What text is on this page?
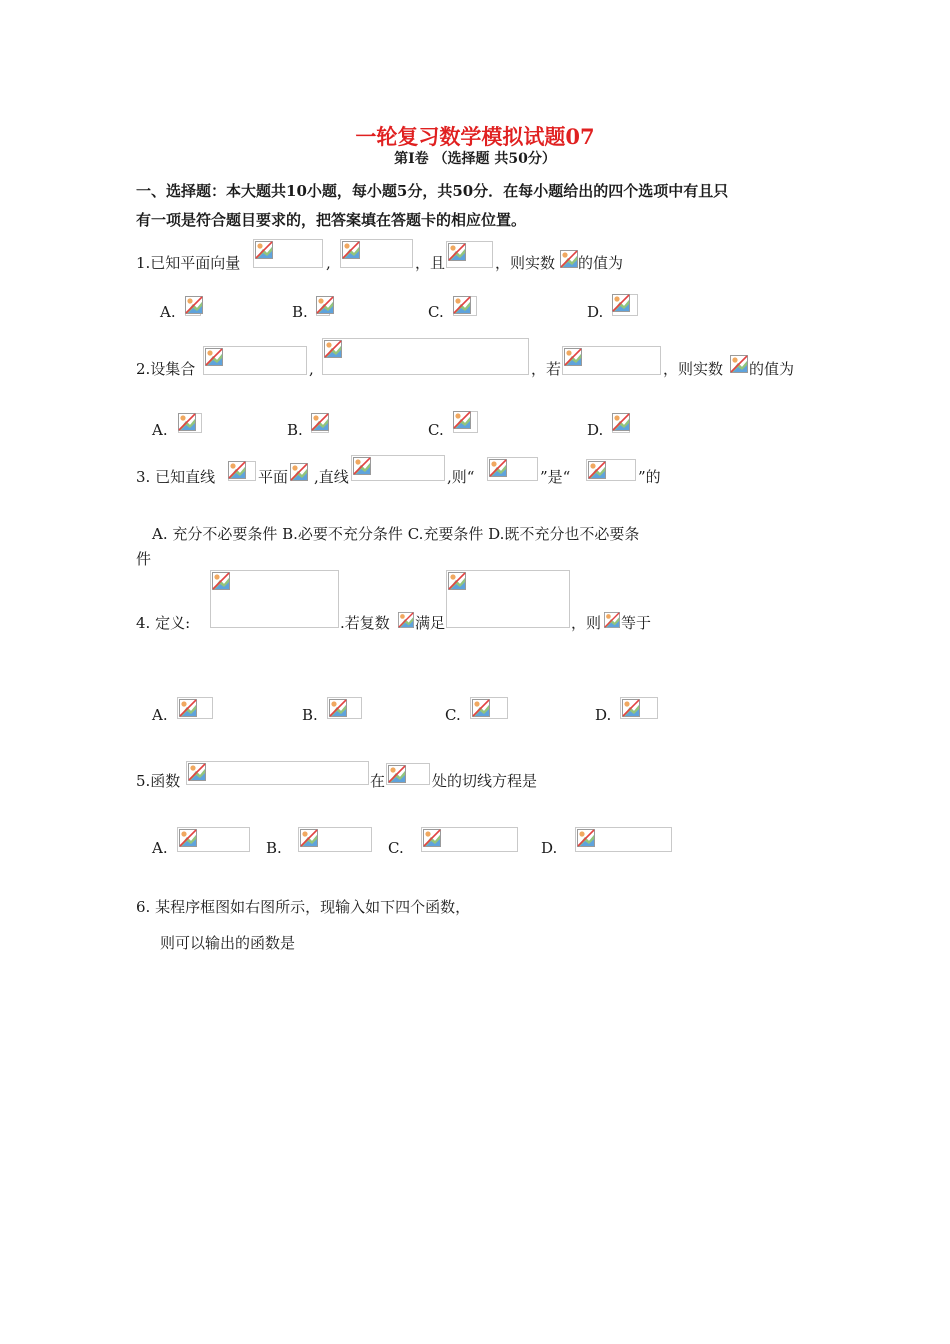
一轮复习数学模拟试题07
第Ⅰ卷 （选择题 共50分）
一、选择题：本大题共10小题，每小题5分，共50分．在每小题给出的四个选项中有且只
有一项是符合题目要求的，把答案填在答题卡的相应位置。
1.已知平面向量	,	，且	，则实数 的值为
A.	B.	C.	D.
2.设集合	,	，若	，则实数 的值为
A.	B.	C.	D.
3. 已知直线	平面 ,直线	,则“	”是“	”的
A. 充分不必要条件 B.必要不充分条件 C.充要条件 D.既不充分也不必要条
件
4. 定义:	.若复数 满足	，则 等于
A.	B.	C.	D.
5.函数	在	处的切线方程是
A.	B.	C.	D.
6. 某程序框图如右图所示，现输入如下四个函数，
则可以输出的函数是
